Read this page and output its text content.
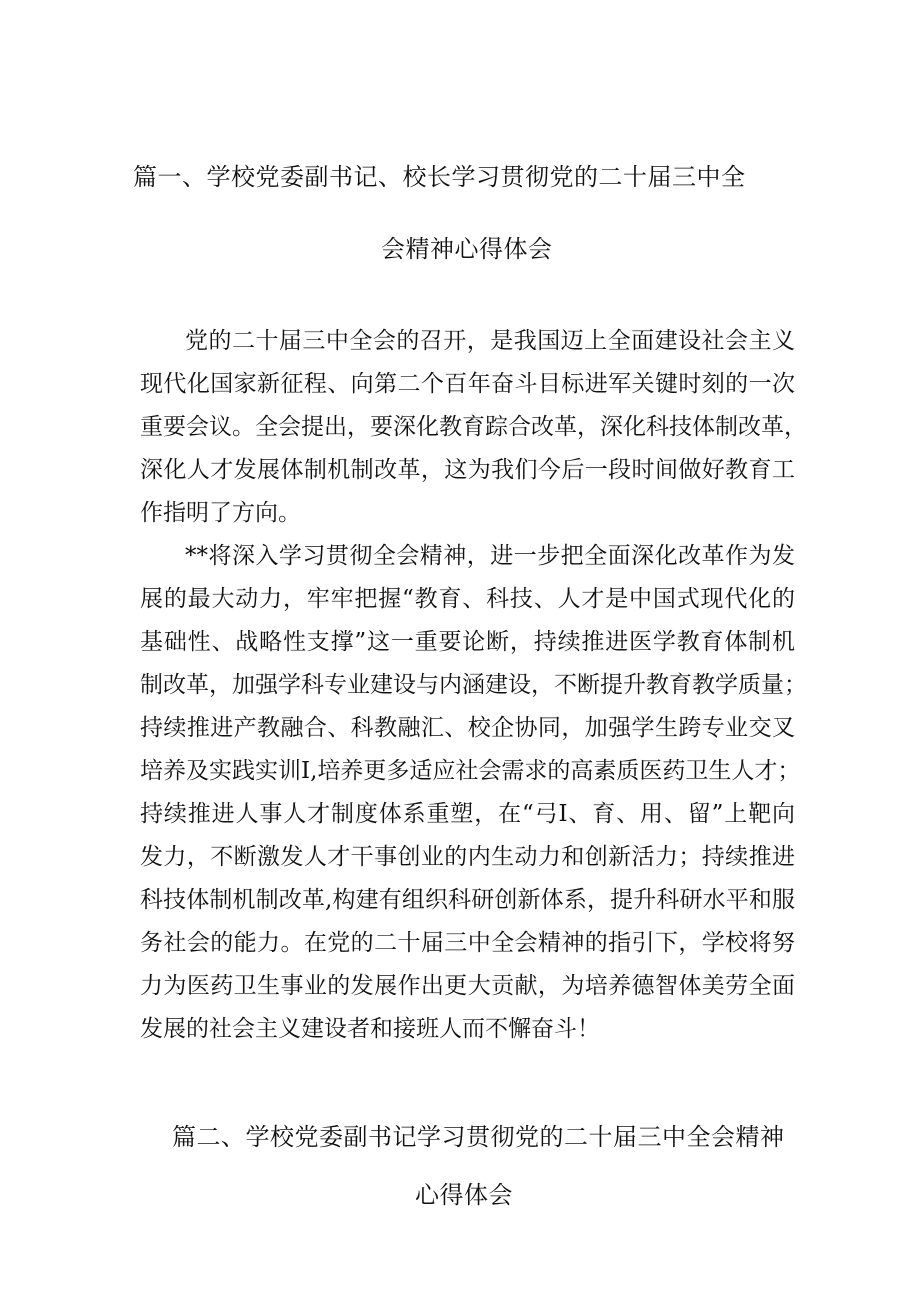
篇一、学校党委副书记、校长学习贯彻党的二十届三中全
会精神心得体会
党的二十届三中全会的召开，是我国迈上全面建设社会主义
现代化国家新征程、向第二个百年奋斗目标进军关键时刻的一次
重要会议。全会提出，要深化教育踪合改革，深化科技体制改革，
深化人才发展体制机制改革，这为我们今后一段时间做好教育工
作指明了方向。
**将深入学习贯彻全会精神，进一步把全面深化改革作为发
展的最大动力，牢牢把握“教育、科技、人才是中国式现代化的
基础性、战略性支撑”这一重要论断，持续推进医学教育体制机
制改革，加强学科专业建设与内涵建设，不断提升教育教学质量；
持续推进产教融合、科教融汇、校企协同，加强学生跨专业交叉
培养及实践实训I,培养更多适应社会需求的高素质医药卫生人才；
持续推进人事人才制度体系重塑，在“弓I、育、用、留”上靶向
发力，不断激发人才干事创业的内生动力和创新活力；持续推进
科技体制机制改革,构建有组织科研创新体系，提升科研水平和服
务社会的能力。在党的二十届三中全会精神的指引下，学校将努
力为医药卫生事业的发展作出更大贡献，为培养德智体美劳全面
发展的社会主义建设者和接班人而不懈奋斗！
篇二、学校党委副书记学习贯彻党的二十届三中全会精神
心得体会
